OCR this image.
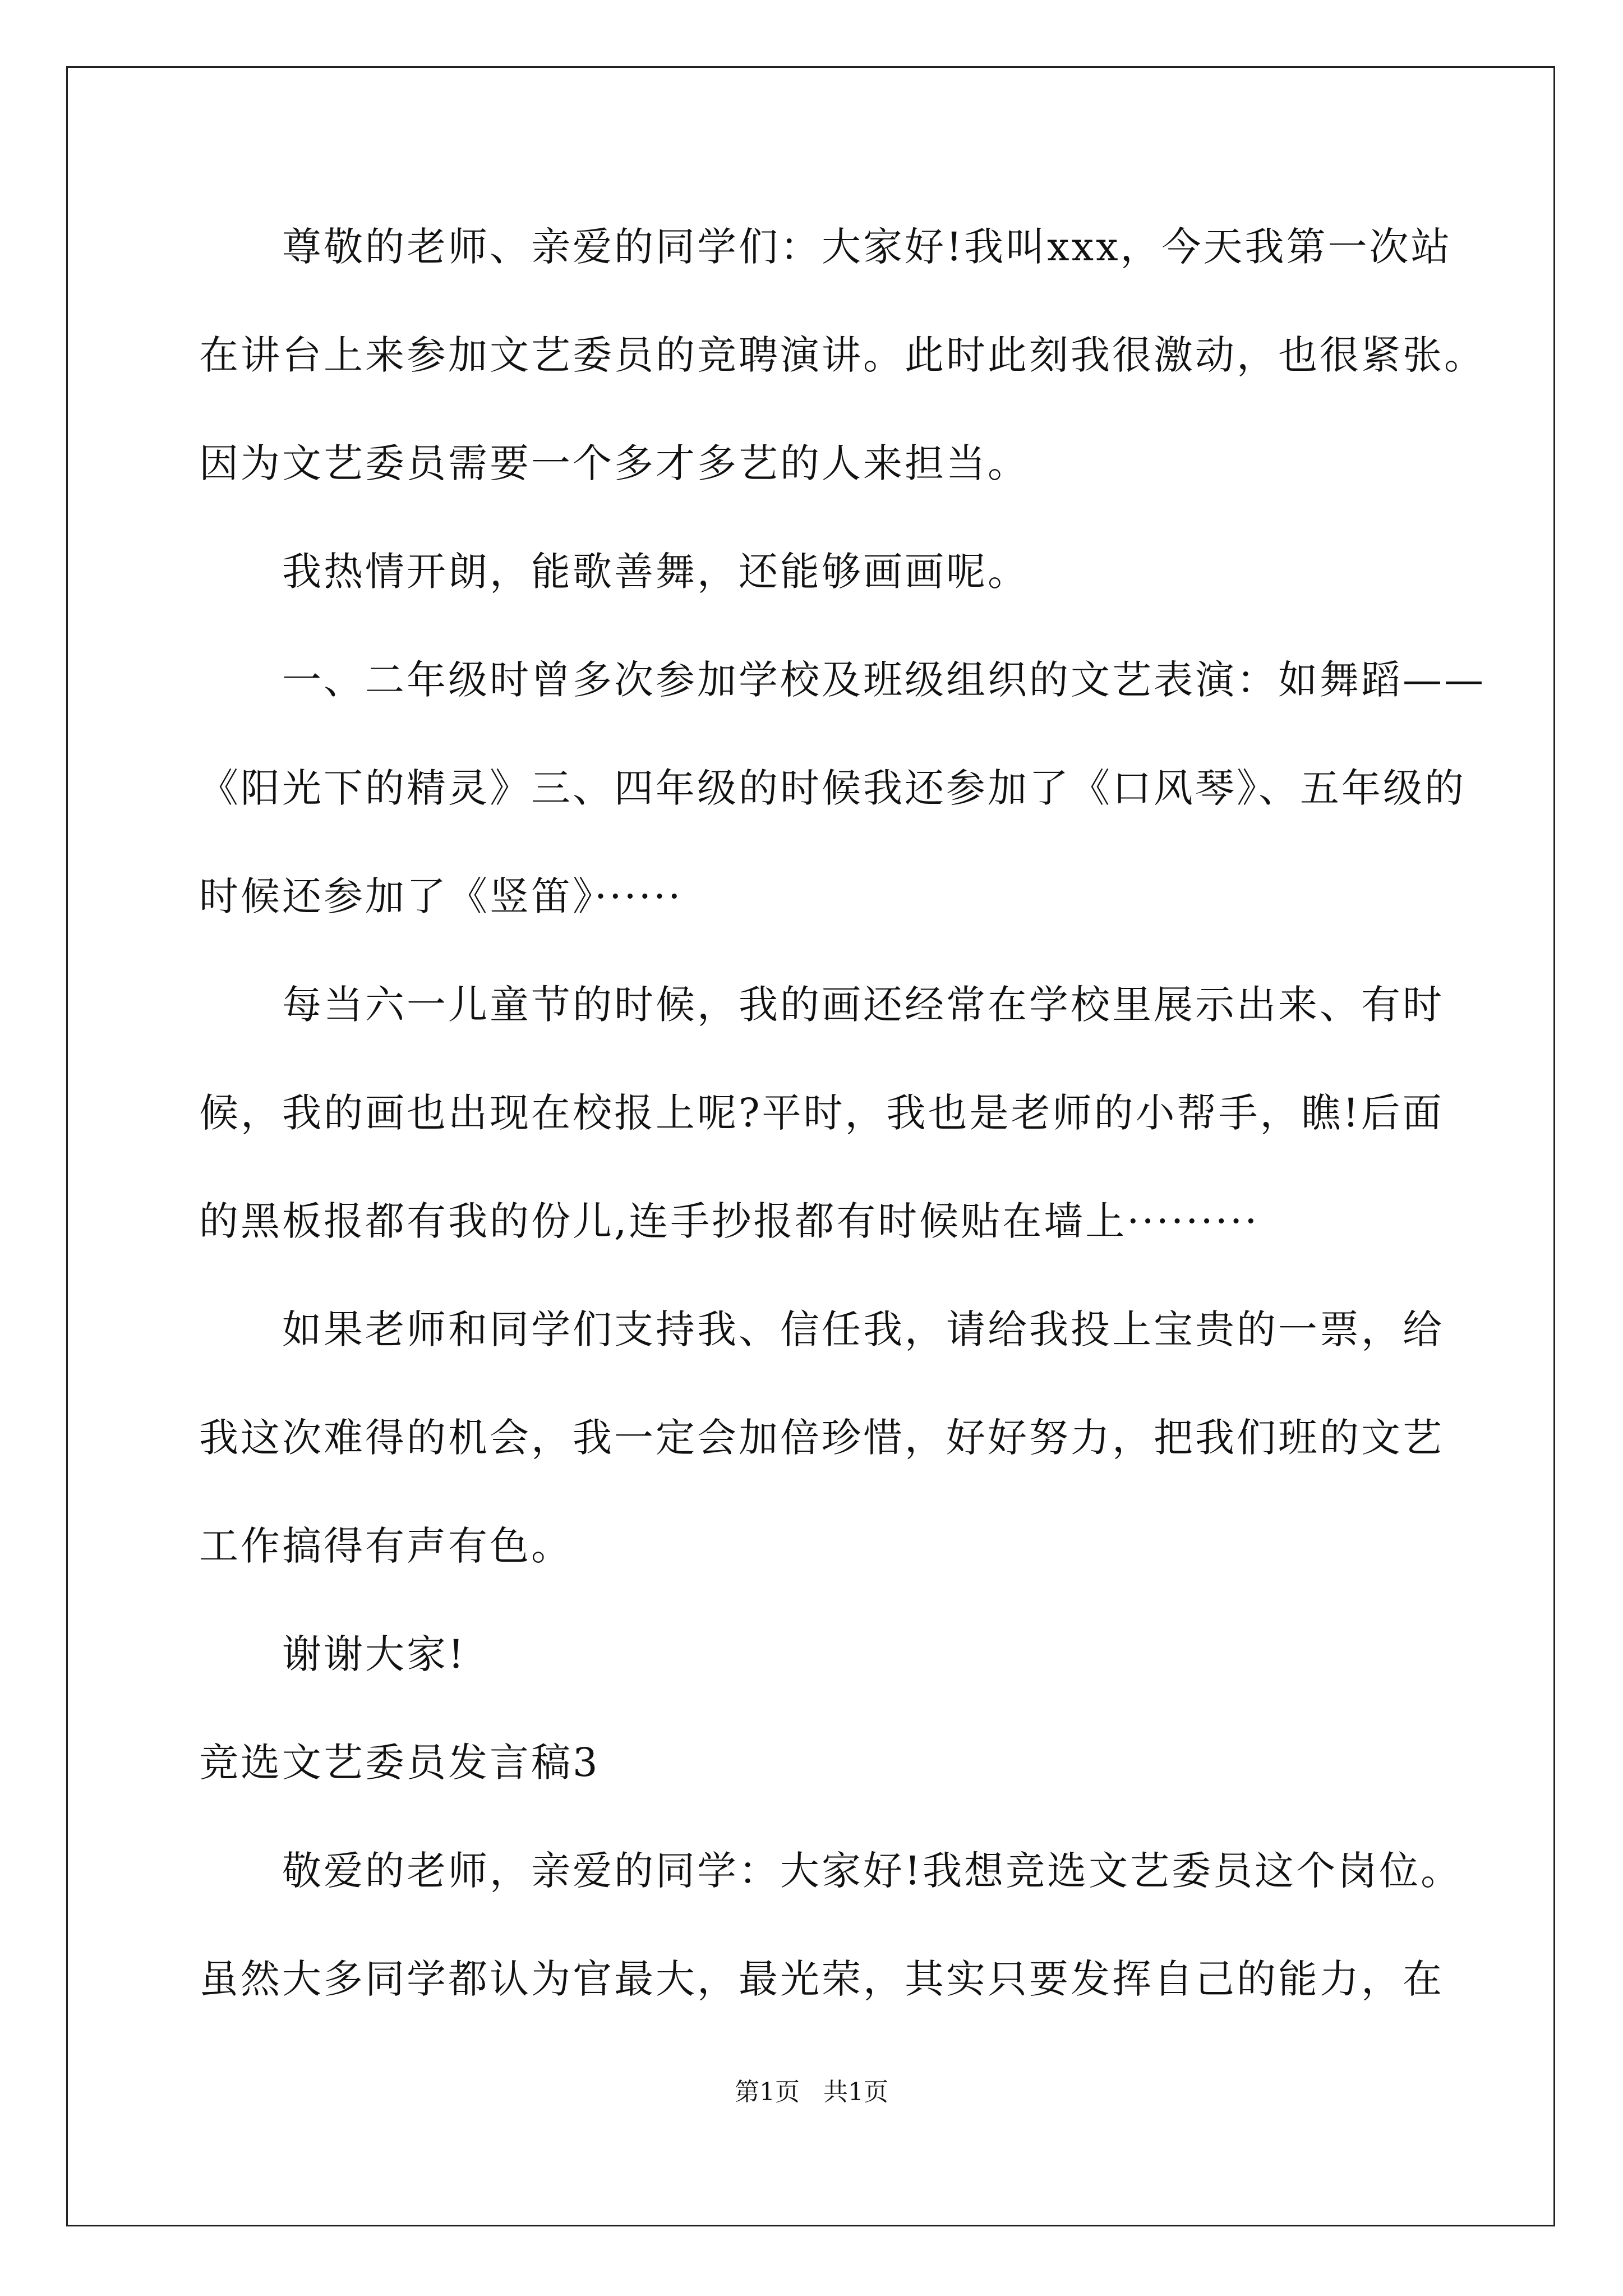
尊敬的老师、亲爱的同学们：大家好!我叫xxx，今天我第一次站
在讲台上来参加文艺委员的竞聘演讲。此时此刻我很激动，也很紧张。
因为文艺委员需要一个多才多艺的人来担当。
我热情开朗，能歌善舞，还能够画画呢。
一、二年级时曾多次参加学校及班级组织的文艺表演：如舞蹈——
《阳光下的精灵》三、四年级的时候我还参加了《口风琴》、五年级的
时候还参加了《竖笛》······
每当六一儿童节的时候，我的画还经常在学校里展示出来、有时
候，我的画也出现在校报上呢?平时，我也是老师的小帮手，瞧!后面
的黑板报都有我的份儿,连手抄报都有时候贴在墙上·········
如果老师和同学们支持我、信任我，请给我投上宝贵的一票，给
我这次难得的机会，我一定会加倍珍惜，好好努力，把我们班的文艺
工作搞得有声有色。
谢谢大家!
竞选文艺委员发言稿3
敬爱的老师，亲爱的同学：大家好!我想竞选文艺委员这个岗位。
虽然大多同学都认为官最大，最光荣，其实只要发挥自己的能力，在
第1页   共1页
